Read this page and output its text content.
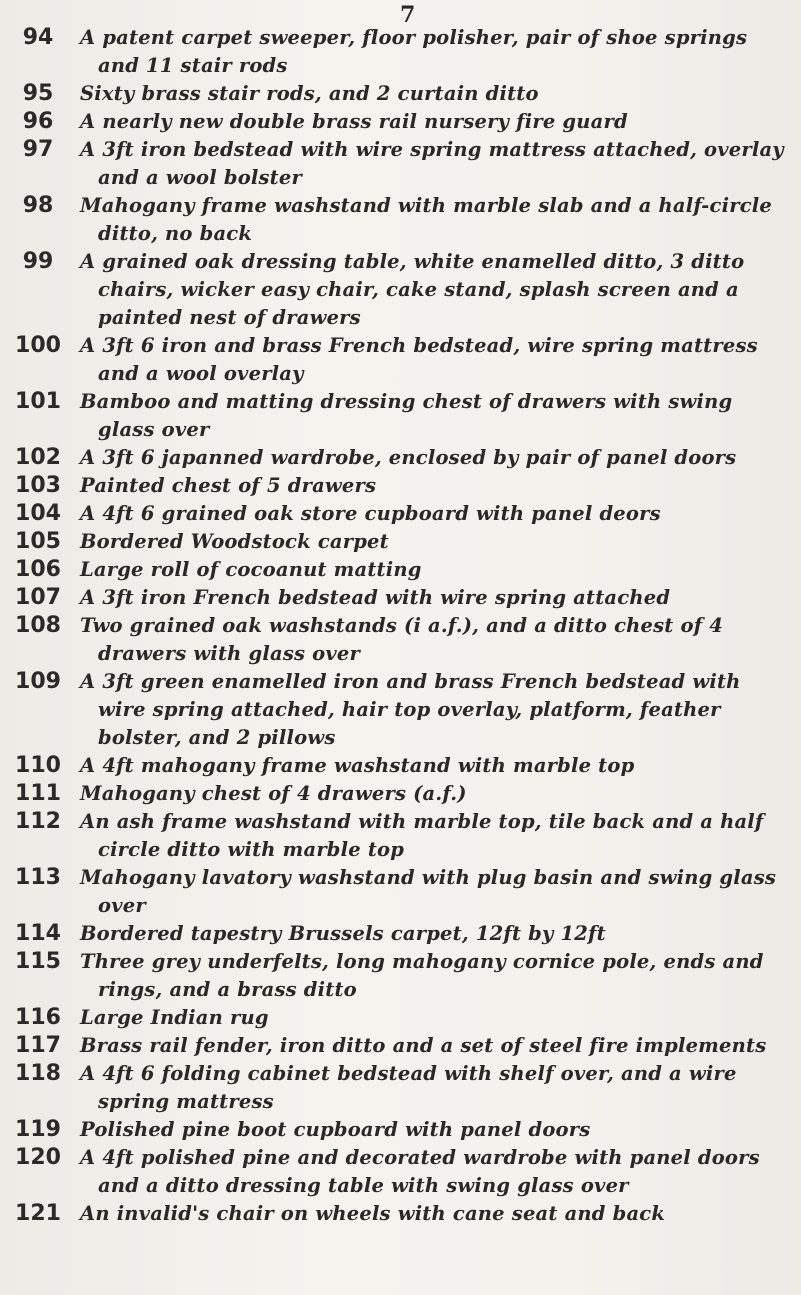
7
94	A patent carpet sweeper, floor polisher, pair of shoe springs and 11 stair rods
95	Sixty brass stair rods, and 2 curtain ditto
96	A nearly new double brass rail nursery fire guard
97	A 3ft iron bedstead with wire spring mattress attached, overlay and a wool bolster
98	Mahogany frame washstand with marble slab and a half-circle ditto, no back
99	A grained oak dressing table, white enamelled ditto, 3 ditto chairs, wicker easy chair, cake stand, splash screen and a painted nest of drawers
100 A 3ft 6 iron and brass French bedstead, wire spring mattress and a wool overlay
101 Bamboo and matting dressing chest of drawers with swing glass over
102 A 3ft 6 japanned wardrobe, enclosed by pair of panel doors
103 Painted chest of 5 drawers
104 A 4ft 6 grained oak store cupboard with panel deors
105 Bordered Woodstock carpet
106 Large roll of cocoanut matting
107 A 3ft iron French bedstead with wire spring attached
108 Two grained oak washstands (i a.f.), and a ditto chest of 4 drawers with glass over
109 A 3ft green enamelled iron and brass French bedstead with wire spring attached, hair top overlay, platform, feather bolster, and 2 pillows
110 A 4ft mahogany frame washstand with marble top
111 Mahogany chest of 4 drawers (a.f.)
112 An ash frame washstand with marble top, tile back and a half circle ditto with marble top
113 Mahogany lavatory washstand with plug basin and swing glass over
114 Bordered tapestry Brussels carpet, 12ft by 12ft
115 Three grey underfelts, long mahogany cornice pole, ends and rings, and a brass ditto
116 Large Indian rug
117 Brass rail fender, iron ditto and a set of steel fire implements
118 A 4ft 6 folding cabinet bedstead with shelf over, and a wire spring mattress
119 Polished pine boot cupboard with panel doors
120 A 4ft polished pine and decorated wardrobe with panel doors and a ditto dressing table with swing glass over
121 An invalid's chair on wheels with cane seat and back
